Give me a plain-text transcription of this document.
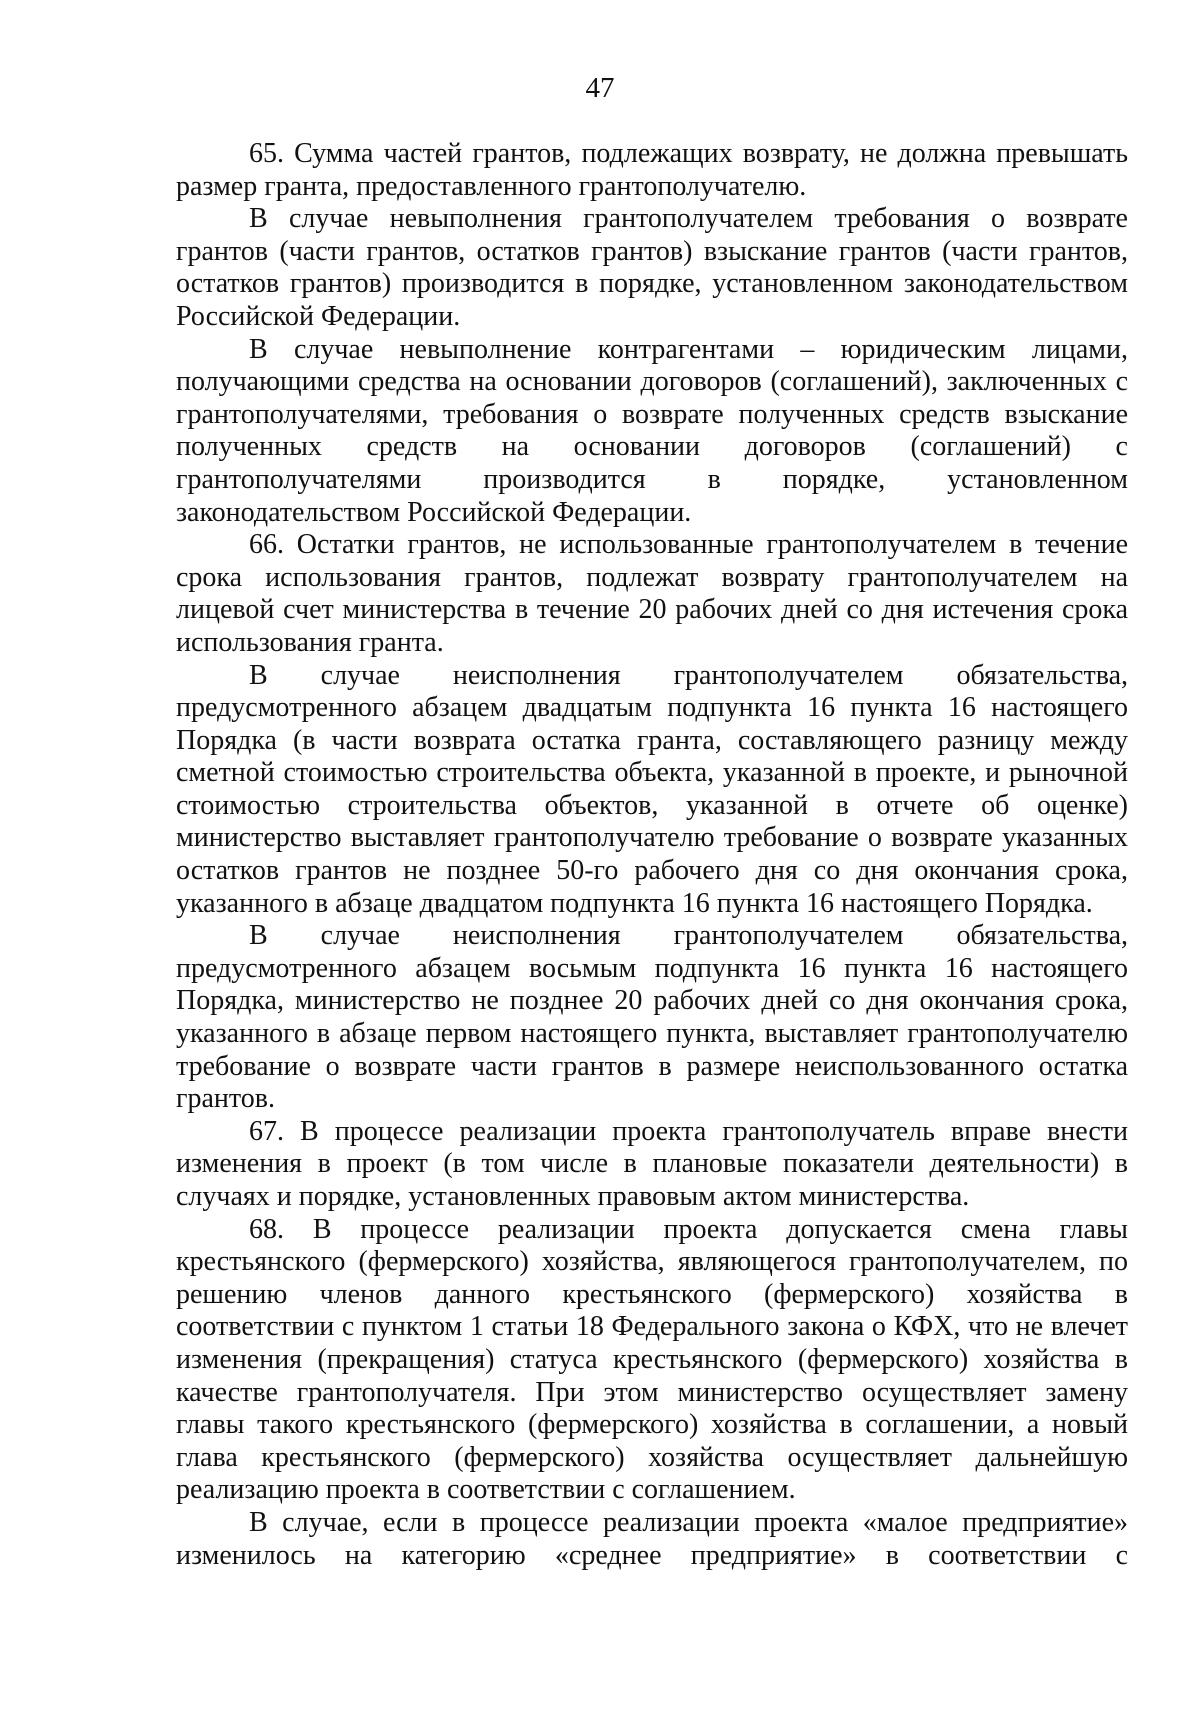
47

65. Сумма частей грантов, подлежащих возврату, не должна превышать размер гранта, предоставленного грантополучателю.

В случае невыполнения грантополучателем требования о возврате грантов (части грантов, остатков грантов) взыскание грантов (части грантов, остатков грантов) производится в порядке, установленном законодательством Российской Федерации.

В случае невыполнение контрагентами – юридическим лицами, получающими средства на основании договоров (соглашений), заключенных с грантополучателями, требования о возврате полученных средств взыскание полученных средств на основании договоров (соглашений) с грантополучателями производится в порядке, установленном законодательством Российской Федерации.

66. Остатки грантов, не использованные грантополучателем в течение срока использования грантов, подлежат возврату грантополучателем на лицевой счет министерства в течение 20 рабочих дней со дня истечения срока использования гранта.

В случае неисполнения грантополучателем обязательства, предусмотренного абзацем двадцатым подпункта 16 пункта 16 настоящего Порядка (в части возврата остатка гранта, составляющего разницу между сметной стоимостью строительства объекта, указанной в проекте, и рыночной стоимостью строительства объектов, указанной в отчете об оценке) министерство выставляет грантополучателю требование о возврате указанных остатков грантов не позднее 50-го рабочего дня со дня окончания срока, указанного в абзаце двадцатом подпункта 16 пункта 16 настоящего Порядка.

В случае неисполнения грантополучателем обязательства, предусмотренного абзацем восьмым подпункта 16 пункта 16 настоящего Порядка, министерство не позднее 20 рабочих дней со дня окончания срока, указанного в абзаце первом настоящего пункта, выставляет грантополучателю требование о возврате части грантов в размере неиспользованного остатка грантов.

67. В процессе реализации проекта грантополучатель вправе внести изменения в проект (в том числе в плановые показатели деятельности) в случаях и порядке, установленных правовым актом министерства.

68. В процессе реализации проекта допускается смена главы крестьянского (фермерского) хозяйства, являющегося грантополучателем, по решению членов данного крестьянского (фермерского) хозяйства в соответствии с пунктом 1 статьи 18 Федерального закона о КФХ, что не влечет изменения (прекращения) статуса крестьянского (фермерского) хозяйства в качестве грантополучателя. При этом министерство осуществляет замену главы такого крестьянского (фермерского) хозяйства в соглашении, а новый глава крестьянского (фермерского) хозяйства осуществляет дальнейшую реализацию проекта в соответствии с соглашением.

В случае, если в процессе реализации проекта «малое предприятие» изменилось на категорию «среднее предприятие» в соответствии с
